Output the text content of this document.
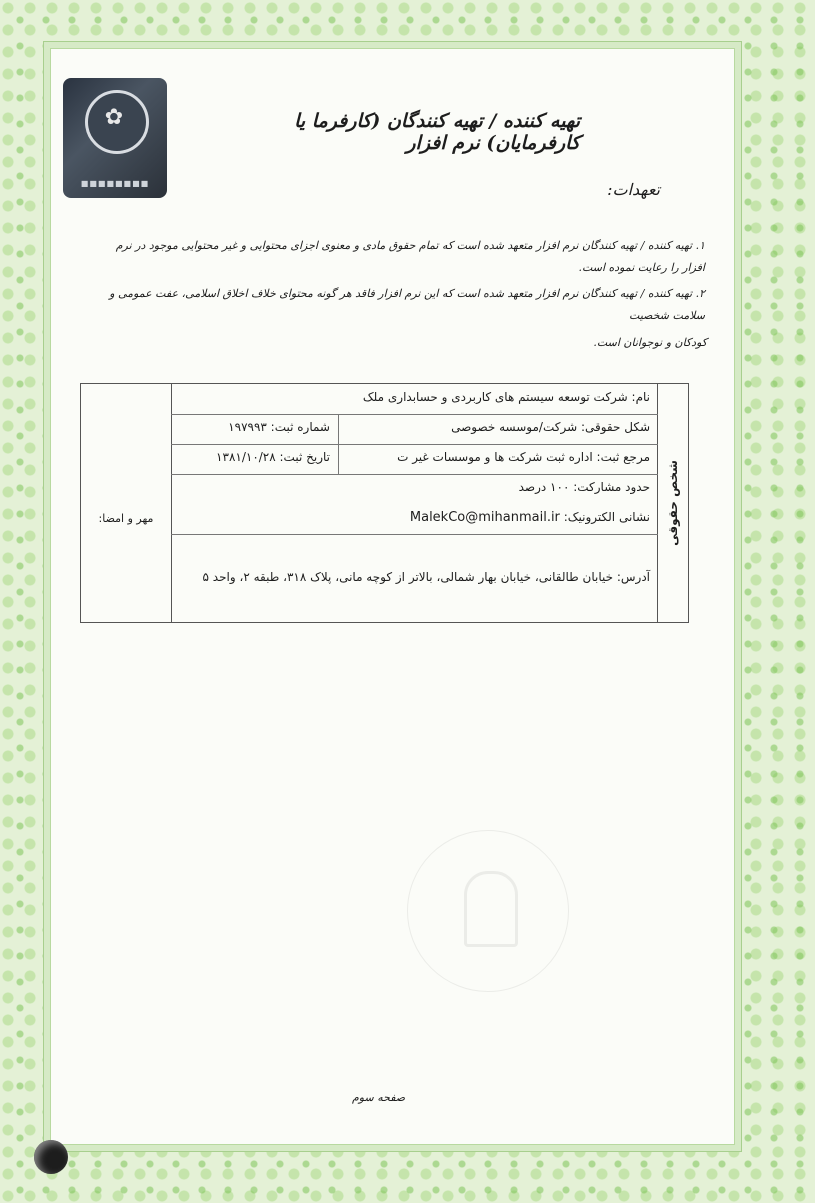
✿
■■■■■■■■
تهیه کننده / تهیه کنندگان (کارفرما یا کارفرمایان) نرم افزار
تعهدات:
۱. تهیه کننده / تهیه کنندگان نرم افزار متعهد شده است که تمام حقوق مادی و معنوی اجزای محتوایی و غیر محتوایی موجود در نرم افزار را رعایت نموده است.
۲. تهیه کننده / تهیه کنندگان نرم افزار متعهد شده است که این نرم افزار فاقد هر گونه محتوای خلاف اخلاق اسلامی، عفت عمومی و سلامت شخصیت
کودکان و نوجوانان است.
شخص حقوقی
مهر و امضا:
نام: شرکت توسعه سیستم های کاربردی و حسابداری ملک
شکل حقوقی: شرکت/موسسه خصوصی
شماره ثبت: ۱۹۷۹۹۳
مرجع ثبت: اداره ثبت شرکت ها و موسسات غیر ت
تاریخ ثبت: ۱۳۸۱/۱۰/۲۸
حدود مشارکت: ۱۰۰ درصد
نشانی الکترونیک: MalekCo@mihanmail.ir
آدرس: خیابان طالقانی، خیابان بهار شمالی، بالاتر از کوچه مانی، پلاک ۳۱۸، طبقه ۲، واحد ۵
صفحه سوم
